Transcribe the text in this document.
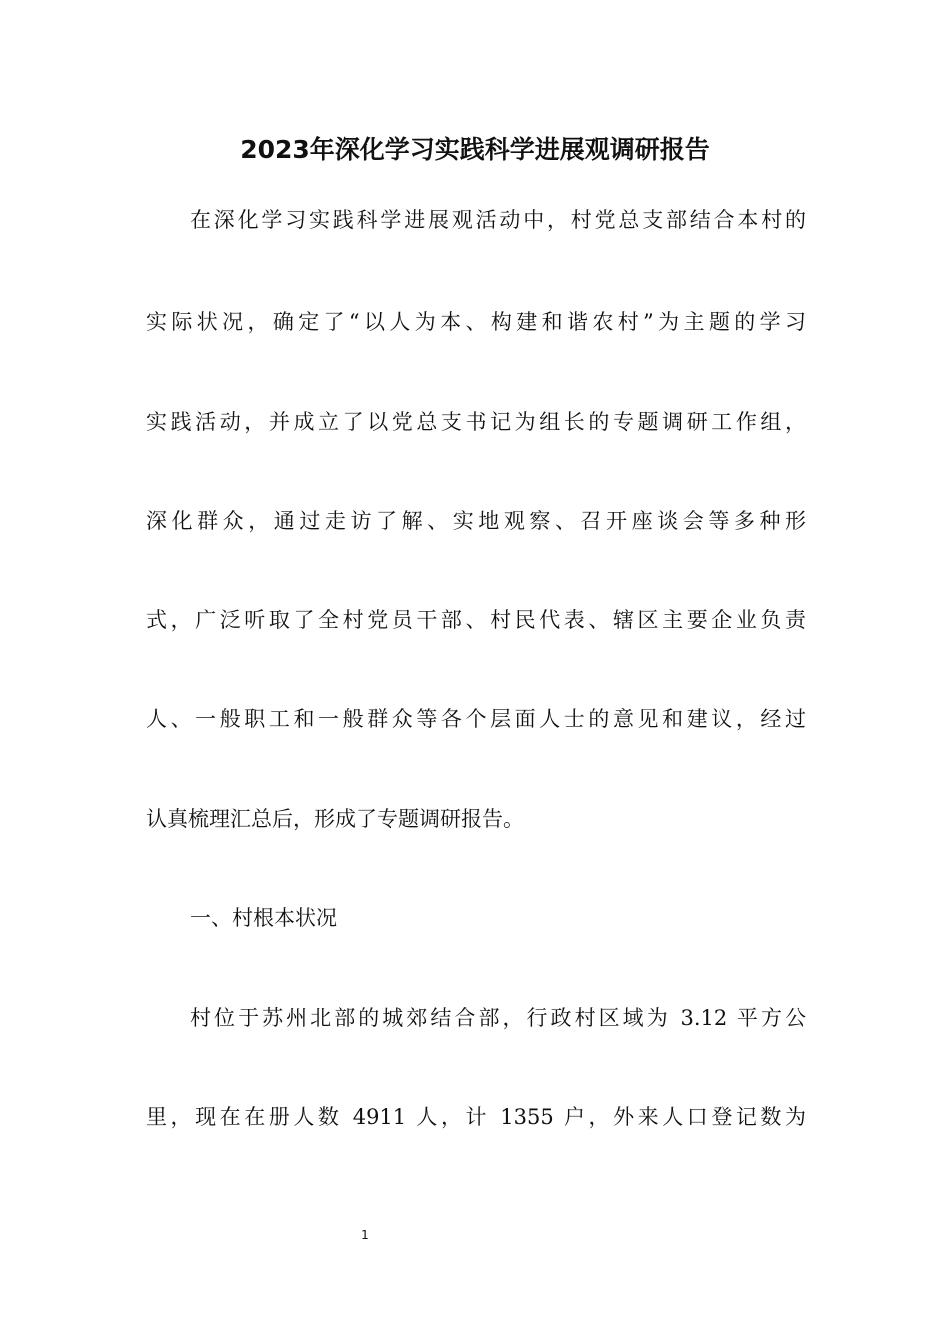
2023年深化学习实践科学进展观调研报告
在深化学习实践科学进展观活动中，村党总支部结合本村的
实际状况，确定了“以人为本、构建和谐农村”为主题的学习
实践活动，并成立了以党总支书记为组长的专题调研工作组，
深化群众，通过走访了解、实地观察、召开座谈会等多种形
式，广泛听取了全村党员干部、村民代表、辖区主要企业负责
人、一般职工和一般群众等各个层面人士的意见和建议，经过
认真梳理汇总后，形成了专题调研报告。
一、村根本状况
村位于苏州北部的城郊结合部，行政村区域为 3.12 平方公
里，现在在册人数 4911 人，计 1355 户，外来人口登记数为
1
